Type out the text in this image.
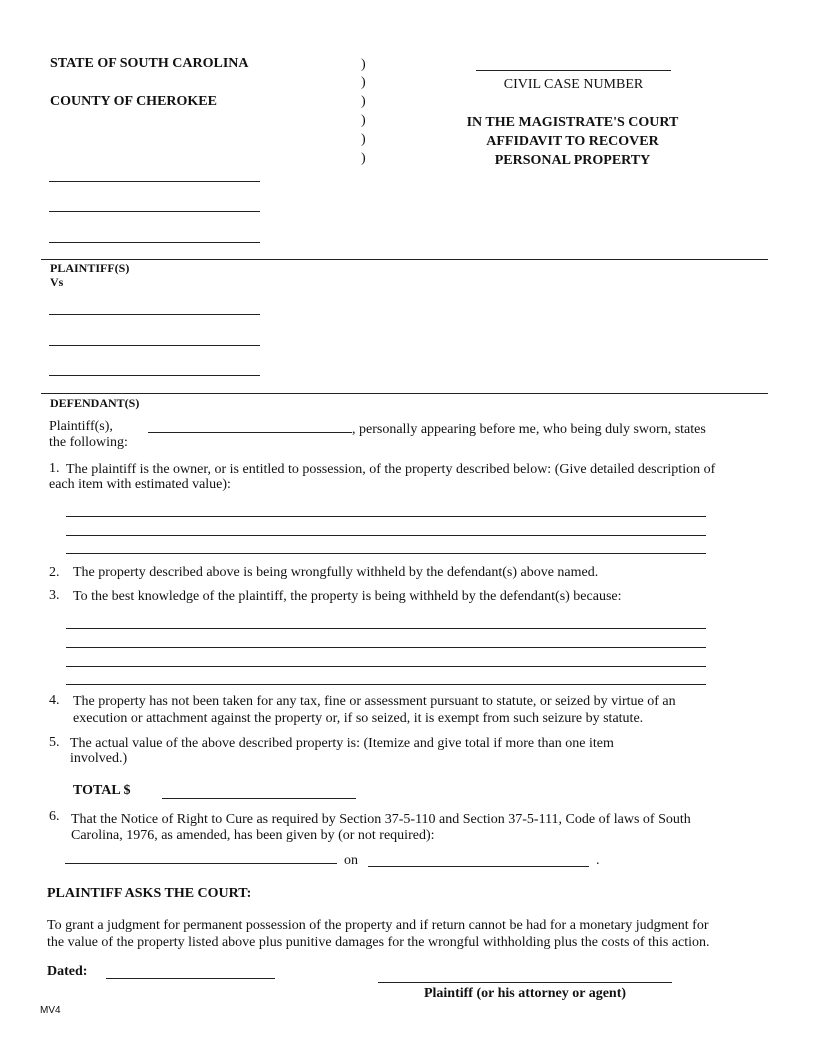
STATE OF SOUTH CAROLINA
COUNTY OF CHEROKEE
)
)
)
)
)
)
CIVIL CASE NUMBER
IN THE MAGISTRATE'S COURT
AFFIDAVIT TO RECOVER
PERSONAL PROPERTY
PLAINTIFF(S)
Vs
DEFENDANT(S)
Plaintiff(s),	, personally appearing before me, who being duly sworn, states
the following:
1. The plaintiff is the owner, or is entitled to possession, of the property described below: (Give detailed description of
each item with estimated value):
2. The property described above is being wrongfully withheld by the defendant(s) above named.
3. To the best knowledge of the plaintiff, the property is being withheld by the defendant(s) because:
4. The property has not been taken for any tax, fine or assessment pursuant to statute, or seized by virtue of an
execution or attachment against the property or, if so seized, it is exempt from such seizure by statute.
5. The actual value of the above described property is: (Itemize and give total if more than one item
involved.)
TOTAL $
6. That the Notice of Right to Cure as required by Section 37-5-110 and Section 37-5-111, Code of laws of South
Carolina, 1976, as amended, has been given by (or not required):
on	.
PLAINTIFF ASKS THE COURT:
To grant a judgment for permanent possession of the property and if return cannot be had for a monetary judgment for
the value of the property listed above plus punitive damages for the wrongful withholding plus the costs of this action.
Dated:
Plaintiff (or his attorney or agent)
MV4
